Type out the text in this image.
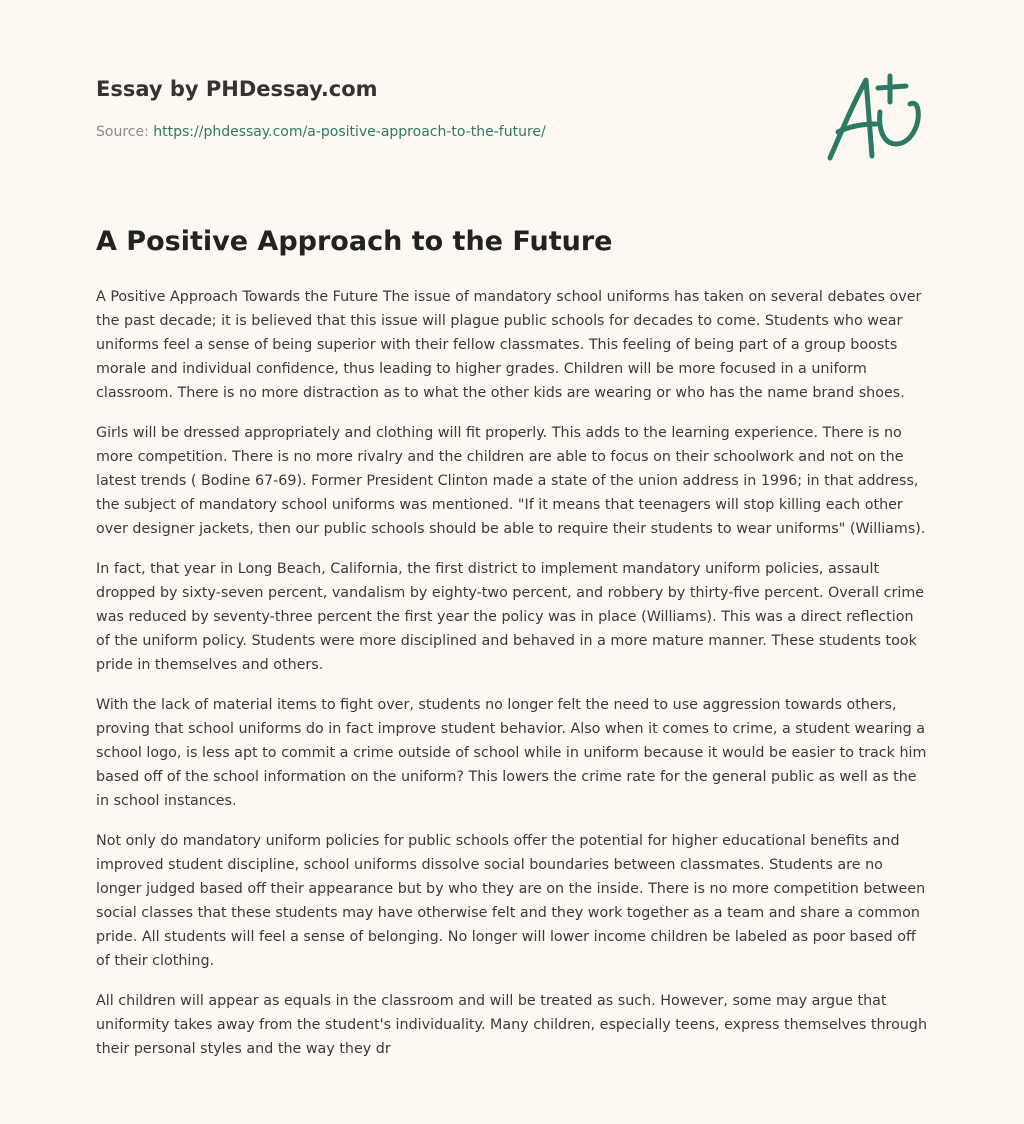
Essay by PHDessay.com
Source: https://phdessay.com/a-positive-approach-to-the-future/
A Positive Approach to the Future

A Positive Approach Towards the Future The issue of mandatory school uniforms has taken on several debates over the past decade; it is believed that this issue will plague public schools for decades to come. Students who wear uniforms feel a sense of being superior with their fellow classmates. This feeling of being part of a group boosts morale and individual confidence, thus leading to higher grades. Children will be more focused in a uniform classroom. There is no more distraction as to what the other kids are wearing or who has the name brand shoes.

Girls will be dressed appropriately and clothing will fit properly. This adds to the learning experience. There is no more competition. There is no more rivalry and the children are able to focus on their schoolwork and not on the latest trends ( Bodine 67-69). Former President Clinton made a state of the union address in 1996; in that address, the subject of mandatory school uniforms was mentioned. "If it means that teenagers will stop killing each other over designer jackets, then our public schools should be able to require their students to wear uniforms" (Williams).

In fact, that year in Long Beach, California, the first district to implement mandatory uniform policies, assault dropped by sixty-seven percent, vandalism by eighty-two percent, and robbery by thirty-five percent. Overall crime was reduced by seventy-three percent the first year the policy was in place (Williams). This was a direct reflection of the uniform policy. Students were more disciplined and behaved in a more mature manner. These students took pride in themselves and others.

With the lack of material items to fight over, students no longer felt the need to use aggression towards others, proving that school uniforms do in fact improve student behavior. Also when it comes to crime, a student wearing a school logo, is less apt to commit a crime outside of school while in uniform because it would be easier to track him based off of the school information on the uniform? This lowers the crime rate for the general public as well as the in school instances.

Not only do mandatory uniform policies for public schools offer the potential for higher educational benefits and improved student discipline, school uniforms dissolve social boundaries between classmates. Students are no longer judged based off their appearance but by who they are on the inside. There is no more competition between social classes that these students may have otherwise felt and they work together as a team and share a common pride. All students will feel a sense of belonging. No longer will lower income children be labeled as poor based off of their clothing.

All children will appear as equals in the classroom and will be treated as such. However, some may argue that uniformity takes away from the student's individuality. Many children, especially teens, express themselves through their personal styles and the way they dr
